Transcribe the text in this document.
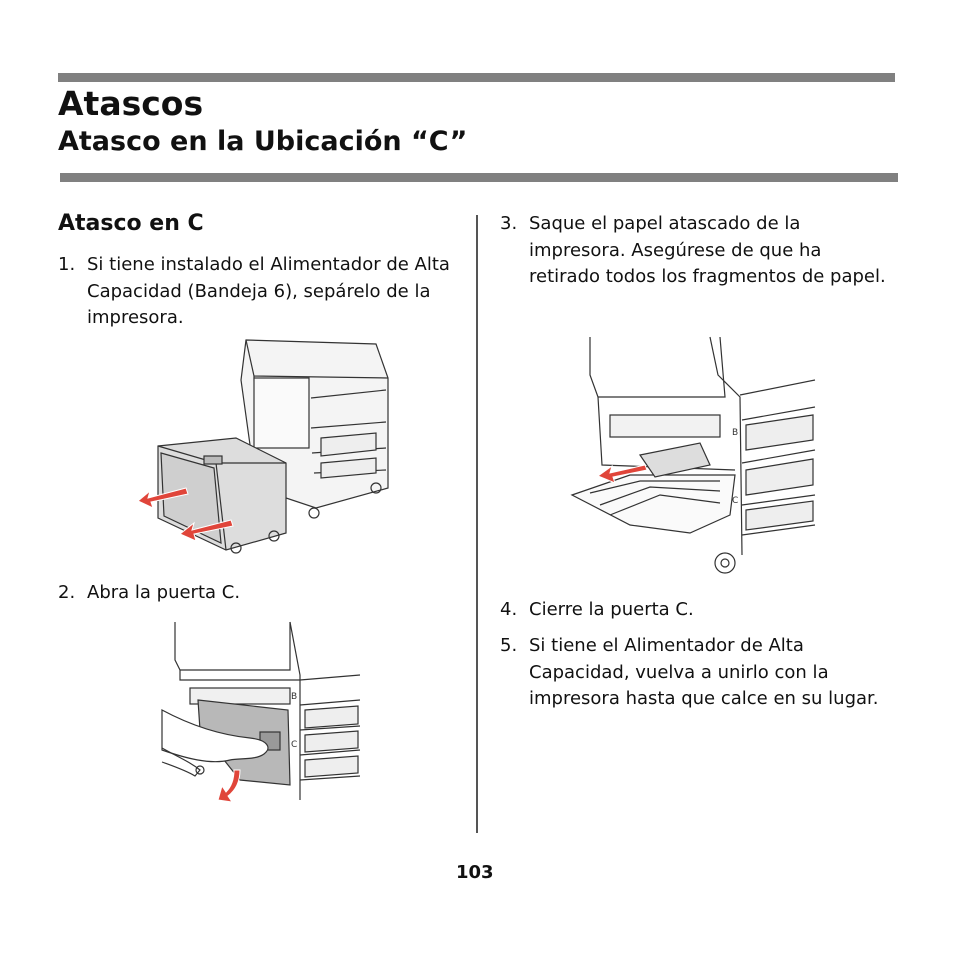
Atascos
Atasco en la Ubicación “C”
Atasco en C
1. Si tiene instalado el Alimentador de Alta Capacidad (Bandeja 6), sepárelo de la impresora.
2. Abra la puerta C.
B
C
3. Saque el papel atascado de la impresora. Asegúrese de que ha retirado todos los fragmentos de papel.
B
C
4. Cierre la puerta C.
5. Si tiene el Alimentador de Alta Capacidad, vuelva a unirlo con la impresora hasta que calce en su lugar.
103
